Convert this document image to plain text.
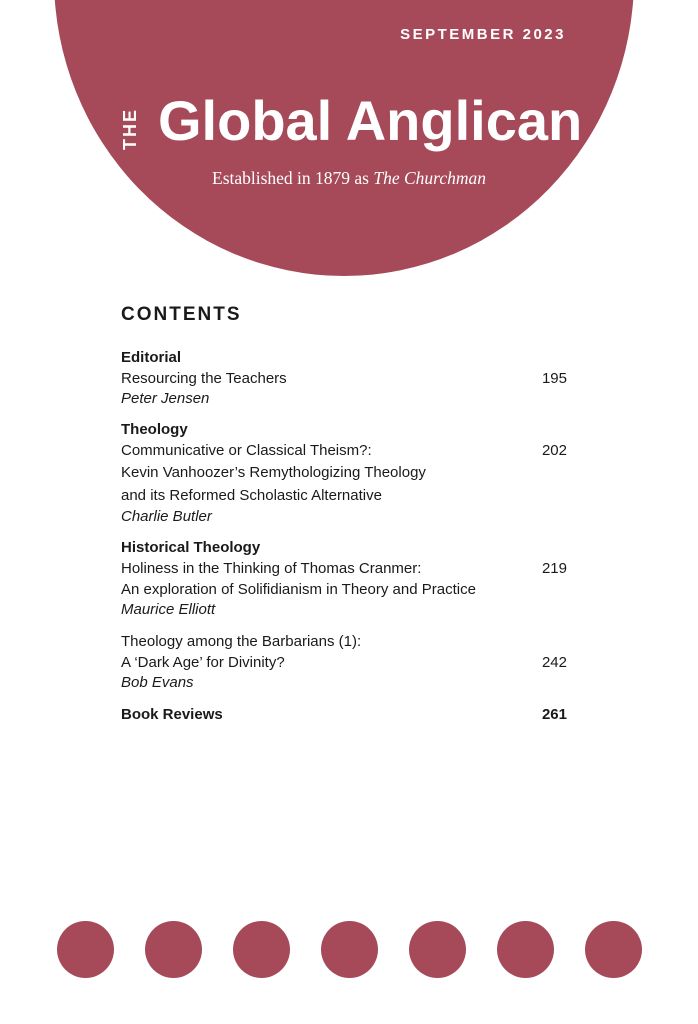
SEPTEMBER 2023
THE Global Anglican
Established in 1879 as The Churchman
CONTENTS
Editorial
Resourcing the Teachers	195
Peter Jensen
Theology
Communicative or Classical Theism?:	202
Kevin Vanhoozer’s Remythologizing Theology
and its Reformed Scholastic Alternative
Charlie Butler
Historical Theology
Holiness in the Thinking of Thomas Cranmer:	219
An exploration of Solifidianism in Theory and Practice
Maurice Elliott
Theology among the Barbarians (1):
A ‘Dark Age’ for Divinity?	242
Bob Evans
Book Reviews	261
